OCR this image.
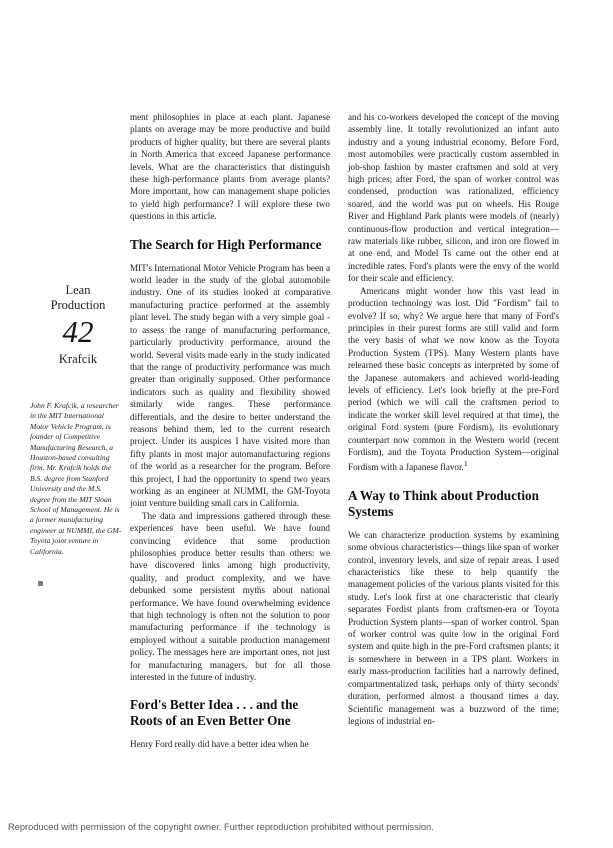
Lean
Production
42
Krafcik
John F. Krafcik, a researcher in the MIT International Motor Vehicle Program, is founder of Competitive Manufacturing Research, a Houston-based consulting firm. Mr. Krafcik holds the B.S. degree from Stanford University and the M.S. degree from the MIT Sloan School of Management. He is a former manufacturing engineer at NUMMI, the GM-Toyota joint venture in California.

ment philosophies in place at each plant. Japanese plants on average may be more productive and build products of higher quality, but there are several plants in North America that exceed Japanese performance levels. What are the characteristics that distinguish these high-performance plants from average plants? More important, how can management shape policies to yield high performance? I will explore these two questions in this article.

The Search for High Performance

MIT's International Motor Vehicle Program has been a world leader in the study of the global automobile industry. One of its studies looked at comparative manufacturing practice performed at the assembly plant level. The study began with a very simple goal - to assess the range of manufacturing performance, particularly productivity performance, around the world. Several visits made early in the study indicated that the range of productivity performance was much greater than originally supposed. Other performance indicators such as quality and flexibility showed similarly wide ranges. These performance differentials, and the desire to better understand the reasons behind them, led to the current research project. Under its auspices I have visited more than fifty plants in most major automanufacturing regions of the world as a researcher for the program. Before this project, I had the opportunity to spend two years working as an engineer at NUMMI, the GM-Toyota joint venture building small cars in California.

The data and impressions gathered through these experiences have been useful. We have found convincing evidence that some production philosophies produce better results than others: we have discovered links among high productivity, quality, and product complexity, and we have debunked some persistent myths about national performance. We have found overwhelming evidence that high technology is often not the solution to poor manufacturing performance if the technology is employed without a suitable production management policy. The messages here are important ones, not just for manufacturing managers, but for all those interested in the future of industry.

Ford's Better Idea . . . and the Roots of an Even Better One

Henry Ford really did have a better idea when he

and his co-workers developed the concept of the moving assembly line. It totally revolutionized an infant auto industry and a young industrial economy. Before Ford, most automobiles were practically custom assembled in job-shop fashion by master craftsmen and sold at very high prices; after Ford, the span of worker control was condensed, production was rationalized, efficiency soared, and the world was put on wheels. His Rouge River and Highland Park plants were models of (nearly) continuous-flow production and vertical integration—raw materials like rubber, silicon, and iron ore flowed in at one end, and Model Ts came out the other end at incredible rates. Ford's plants were the envy of the world for their scale and efficiency.

Americans might wonder how this vast lead in production technology was lost. Did "Fordism" fail to evolve? If so, why? We argue here that many of Ford's principles in their purest forms are still valid and form the very basis of what we now know as the Toyota Production System (TPS). Many Western plants have relearned these basic concepts as interpreted by some of the Japanese automakers and achieved world-leading levels of efficiency. Let's look briefly at the pre-Ford period (which we will call the craftsmen period to indicate the worker skill level required at that time), the original Ford system (pure Fordism), its evolutionary counterpart now common in the Western world (recent Fordism), and the Toyota Production System—original Fordism with a Japanese flavor.$^1$

A Way to Think about Production Systems

We can characterize production systems by examining some obvious characteristics—things like span of worker control, inventory levels, and size of repair areas. I used characteristics like these to help quantify the management policies of the various plants visited for this study. Let's look first at one characteristic that clearly separates Fordist plants from craftsmen-era or Toyota Production System plants—span of worker control. Span of worker control was quite low in the original Ford system and quite high in the pre-Ford craftsmen plants; it is somewhere in between in a TPS plant. Workers in early mass-production facilities had a narrowly defined, compartmentalized task, perhaps only of thirty seconds' duration, performed almost a thousand times a day. Scientific management was a buzzword of the time; legions of industrial en-

Reproduced with permission of the copyright owner. Further reproduction prohibited without permission.
